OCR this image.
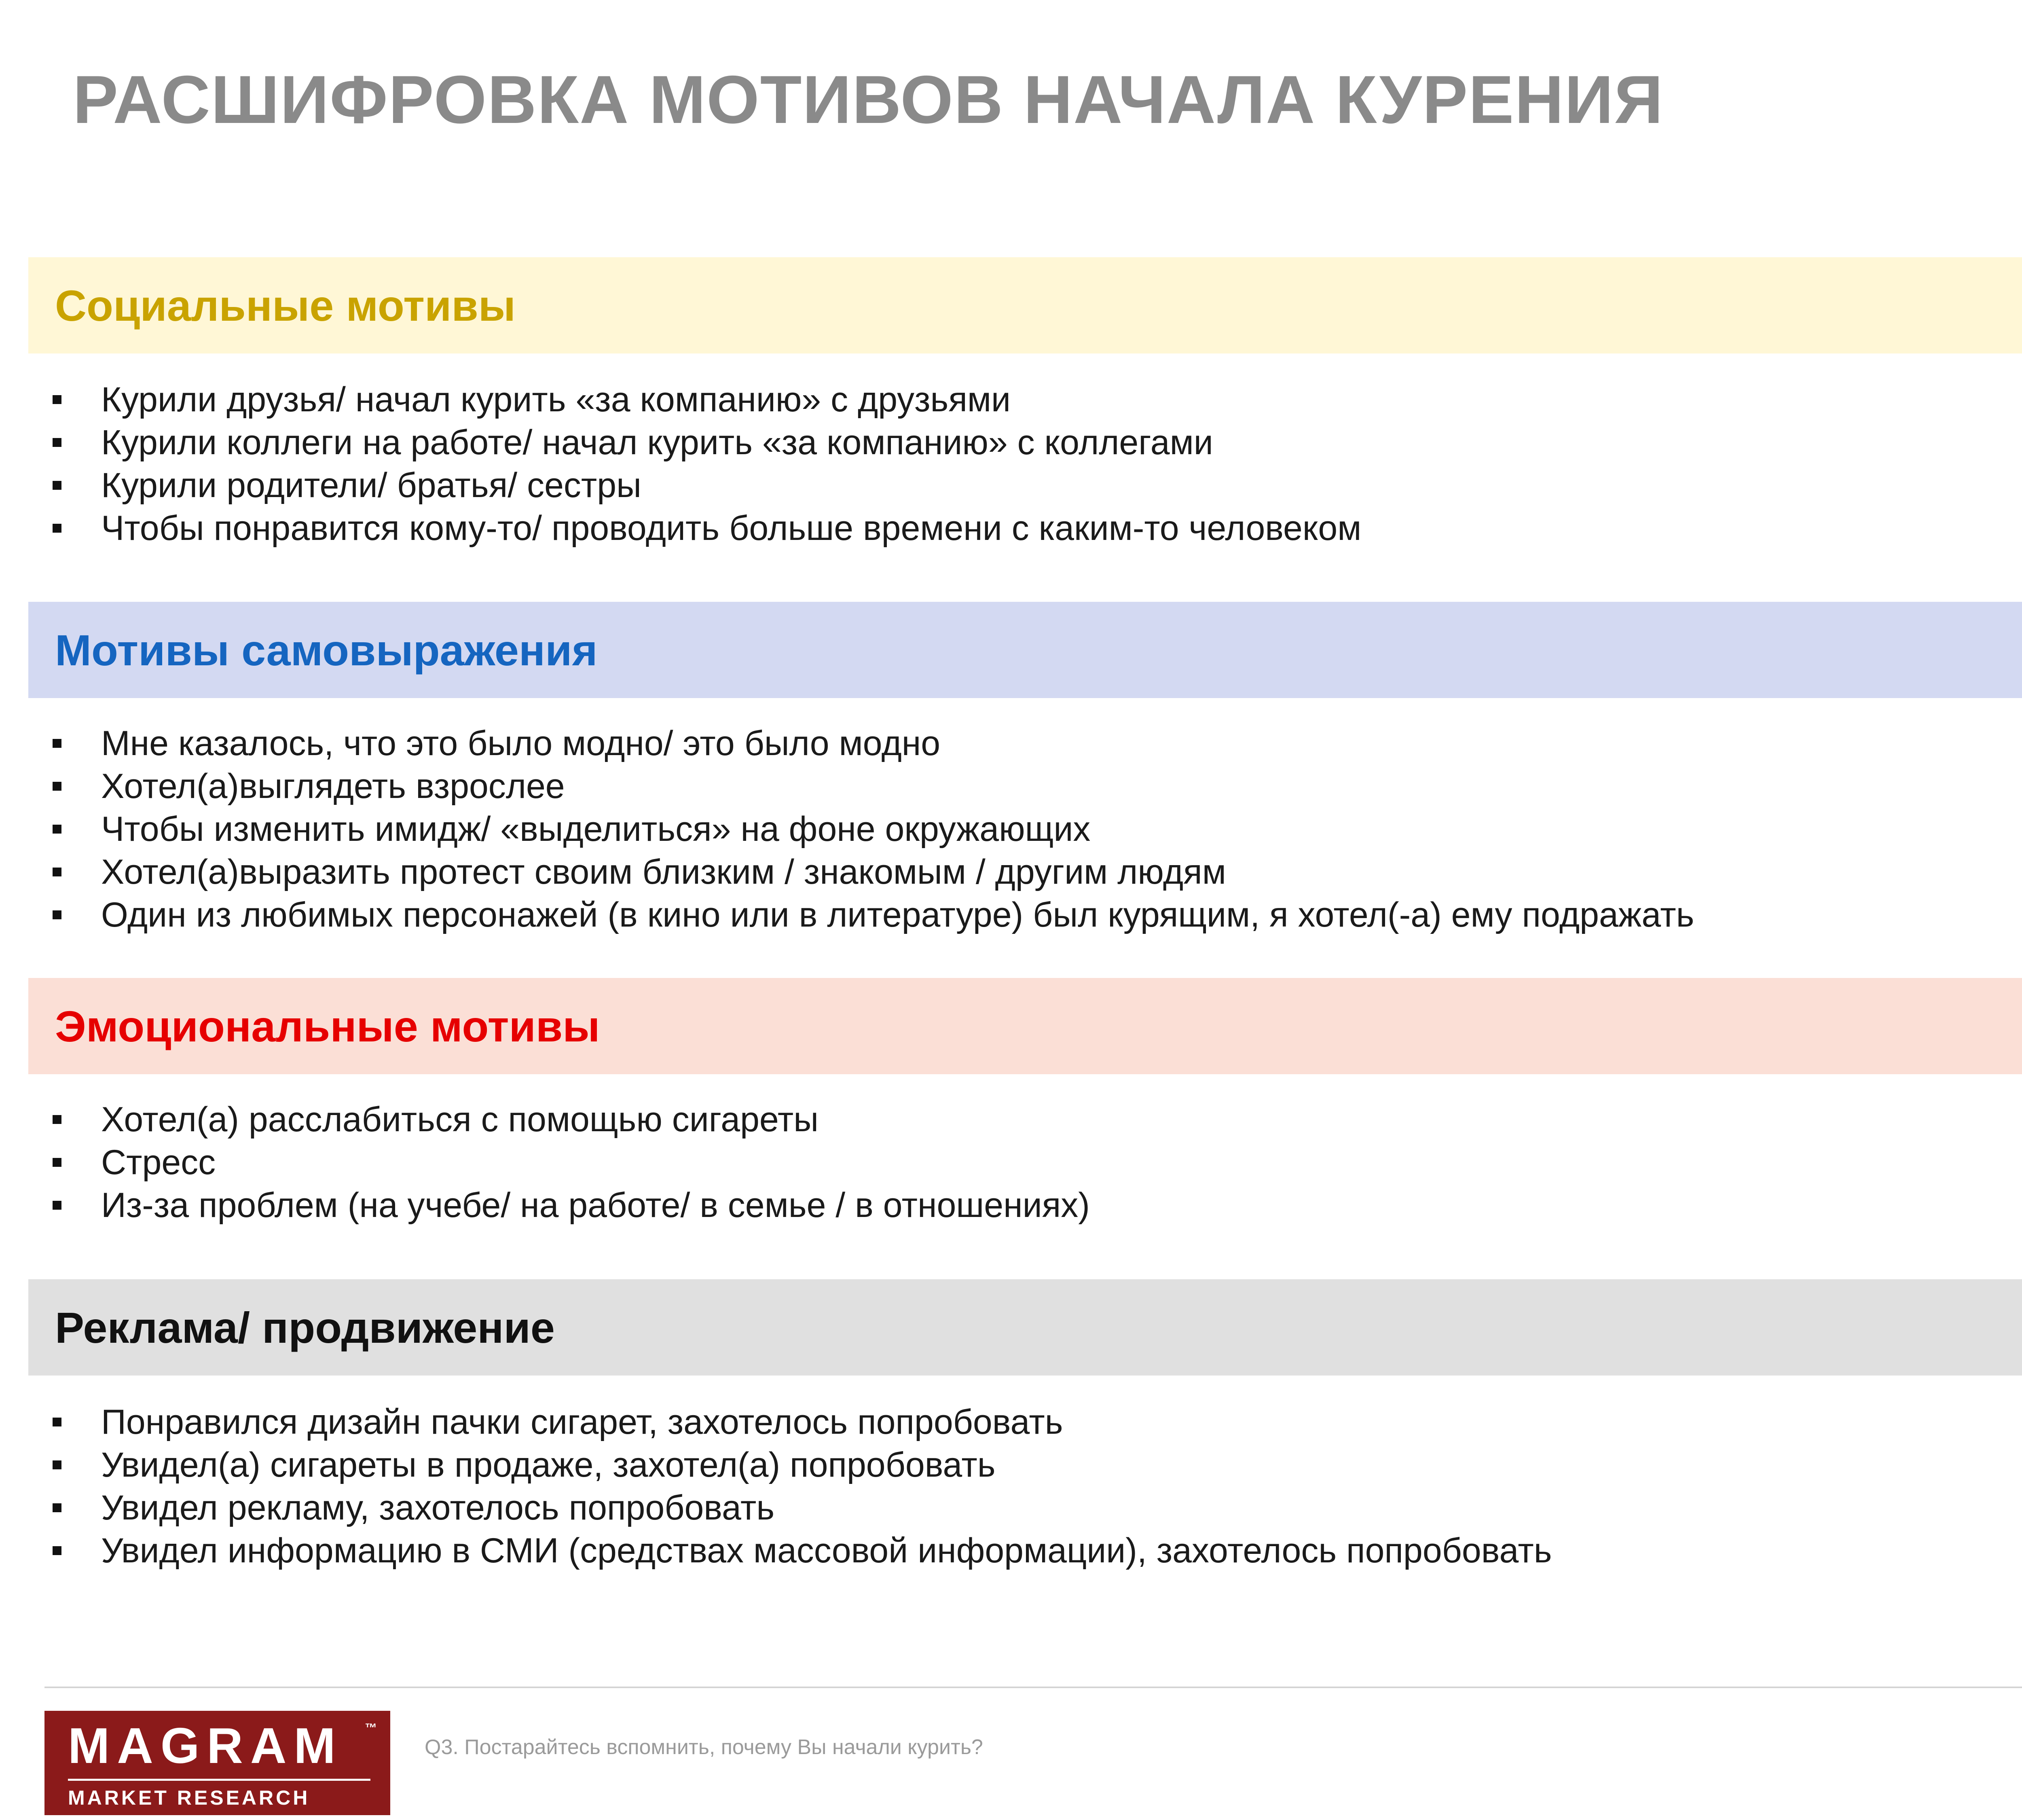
РАСШИФРОВКА МОТИВОВ НАЧАЛА КУРЕНИЯ
Социальные мотивы
Курили друзья/ начал курить «за компанию» с друзьями
Курили коллеги на работе/ начал курить «за компанию» с коллегами
Курили родители/ братья/ сестры
Чтобы понравится кому-то/ проводить больше времени с каким-то человеком
Мотивы самовыражения
Мне казалось, что это было модно/ это было модно
Хотел(а)выглядеть взрослее
Чтобы изменить имидж/ «выделиться» на фоне окружающих
Хотел(а)выразить протест своим близким / знакомым / другим людям
Один из любимых персонажей (в кино или в литературе) был курящим, я хотел(-а) ему подражать
Эмоциональные мотивы
Хотел(а) расслабиться с помощью сигареты
Стресс
Из-за проблем (на учебе/ на работе/ в семье / в отношениях)
Реклама/ продвижение
Понравился дизайн пачки сигарет, захотелось попробовать
Увидел(а) сигареты в продаже, захотел(а) попробовать
Увидел рекламу, захотелось попробовать
Увидел информацию в СМИ (средствах массовой информации), захотелось попробовать
MAGRAM ™
MARKET RESEARCH
Q3. Постарайтесь вспомнить, почему Вы начали курить?
